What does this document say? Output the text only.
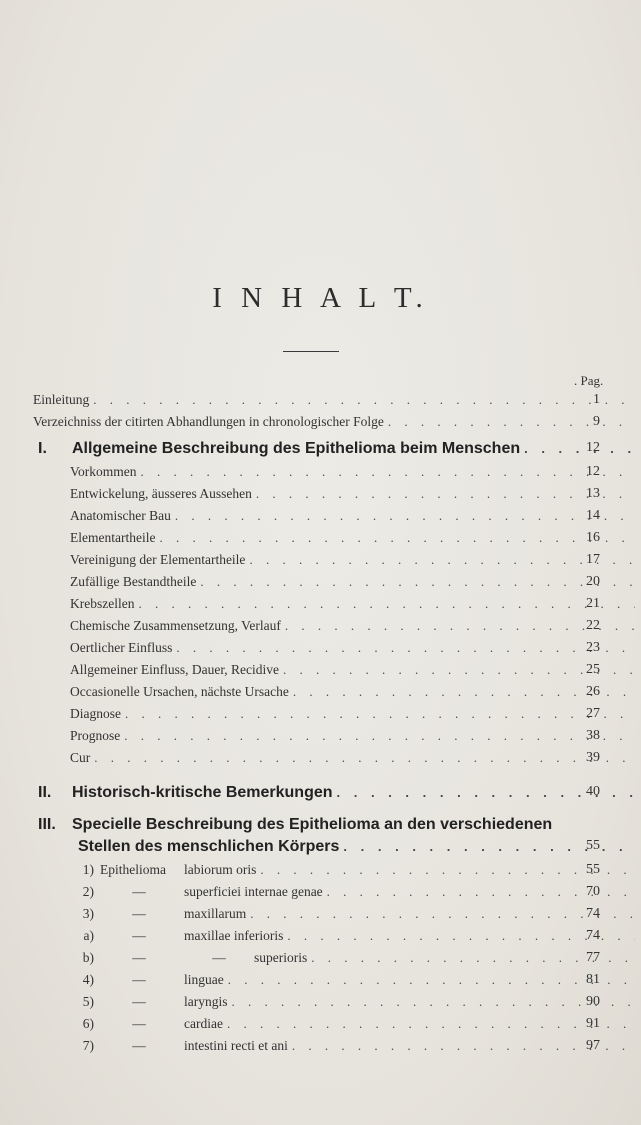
I N H A L T.
. Pag.
Einleitung . . .	1
Verzeichniss der citirten Abhandlungen in chronologischer Folge . . .	9
I.	Allgemeine Beschreibung des Epithelioma beim Menschen . . .	12
Vorkommen . . .	12
Entwickelung, äusseres Aussehen . . .	13
Anatomischer Bau . . .	14
Elementartheile . . .	16
Vereinigung der Elementartheile . . .	17
Zufällige Bestandtheile . . .	20
Krebszellen . . .	21
Chemische Zusammensetzung, Verlauf . . .	22
Oertlicher Einfluss . . .	23
Allgemeiner Einfluss, Dauer, Recidive . . .	25
Occasionelle Ursachen, nächste Ursache . . .	26
Diagnose . . .	27
Prognose . . .	38
Cur . . .	39
II.	Historisch-kritische Bemerkungen . . .	40
III.	Specielle Beschreibung des Epithelioma an den verschiedenen
Stellen des menschlichen Körpers . . .	55
1) Epithelioma	labiorum oris . . .	55
2)	—	superficiei internae genae . . .	70
3)	—	maxillarum . . .	74
a)	—	maxillae inferioris . . .	74
b)	—	—	superioris . . .	77
4)	—	linguae . . .	81
5)	—	laryngis . . .	90
6)	—	cardiae . . .	91
7)	—	intestini recti et ani . . .	97
